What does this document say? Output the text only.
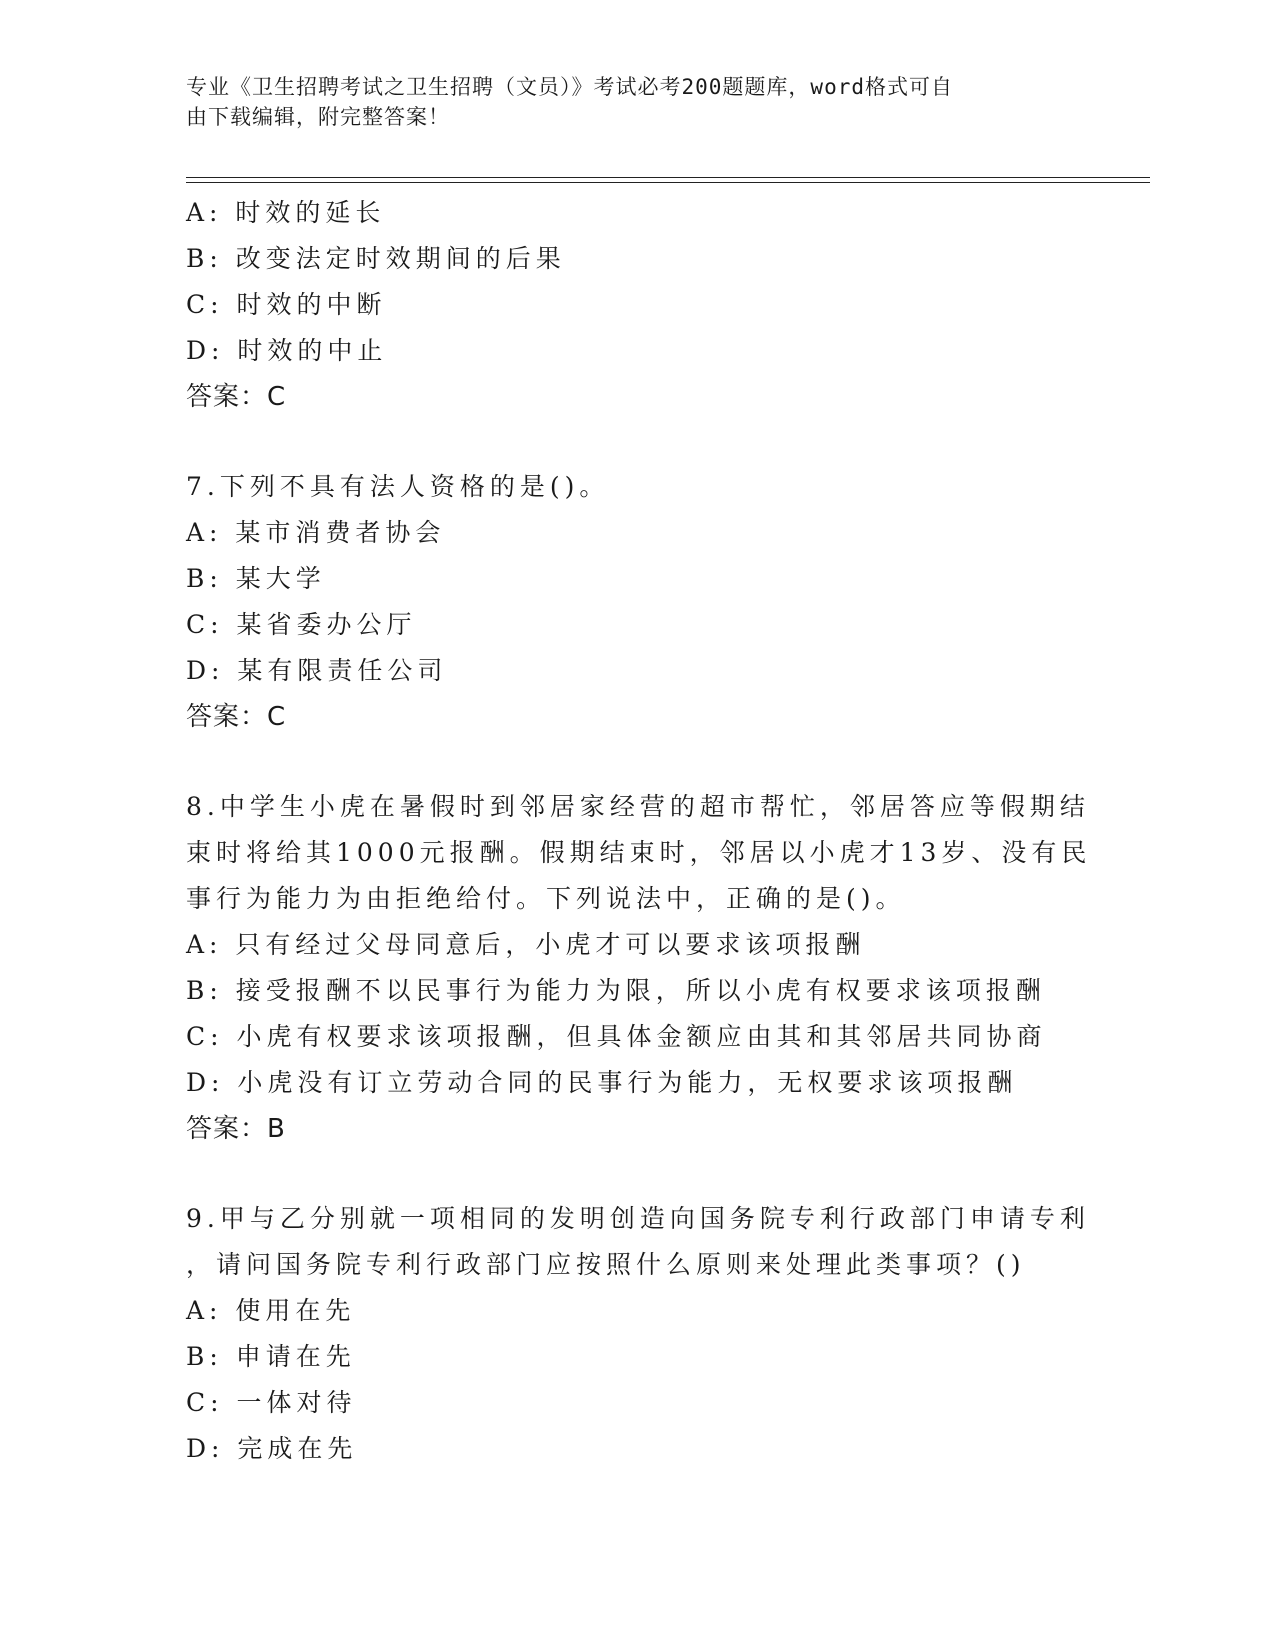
专业《卫生招聘考试之卫生招聘（文员）》考试必考200题题库，word格式可自
由下载编辑，附完整答案！
A: 时效的延长
B: 改变法定时效期间的后果
C: 时效的中断
D: 时效的中止
答案：C
7.下列不具有法人资格的是()。
A: 某市消费者协会
B: 某大学
C: 某省委办公厅
D: 某有限责任公司
答案：C
8.中学生小虎在暑假时到邻居家经营的超市帮忙，邻居答应等假期结
束时将给其1000元报酬。假期结束时，邻居以小虎才13岁、没有民
事行为能力为由拒绝给付。下列说法中，正确的是()。
A: 只有经过父母同意后，小虎才可以要求该项报酬
B: 接受报酬不以民事行为能力为限，所以小虎有权要求该项报酬
C: 小虎有权要求该项报酬，但具体金额应由其和其邻居共同协商
D: 小虎没有订立劳动合同的民事行为能力，无权要求该项报酬
答案：B
9.甲与乙分别就一项相同的发明创造向国务院专利行政部门申请专利
，请问国务院专利行政部门应按照什么原则来处理此类事项？()
A: 使用在先
B: 申请在先
C: 一体对待
D: 完成在先
